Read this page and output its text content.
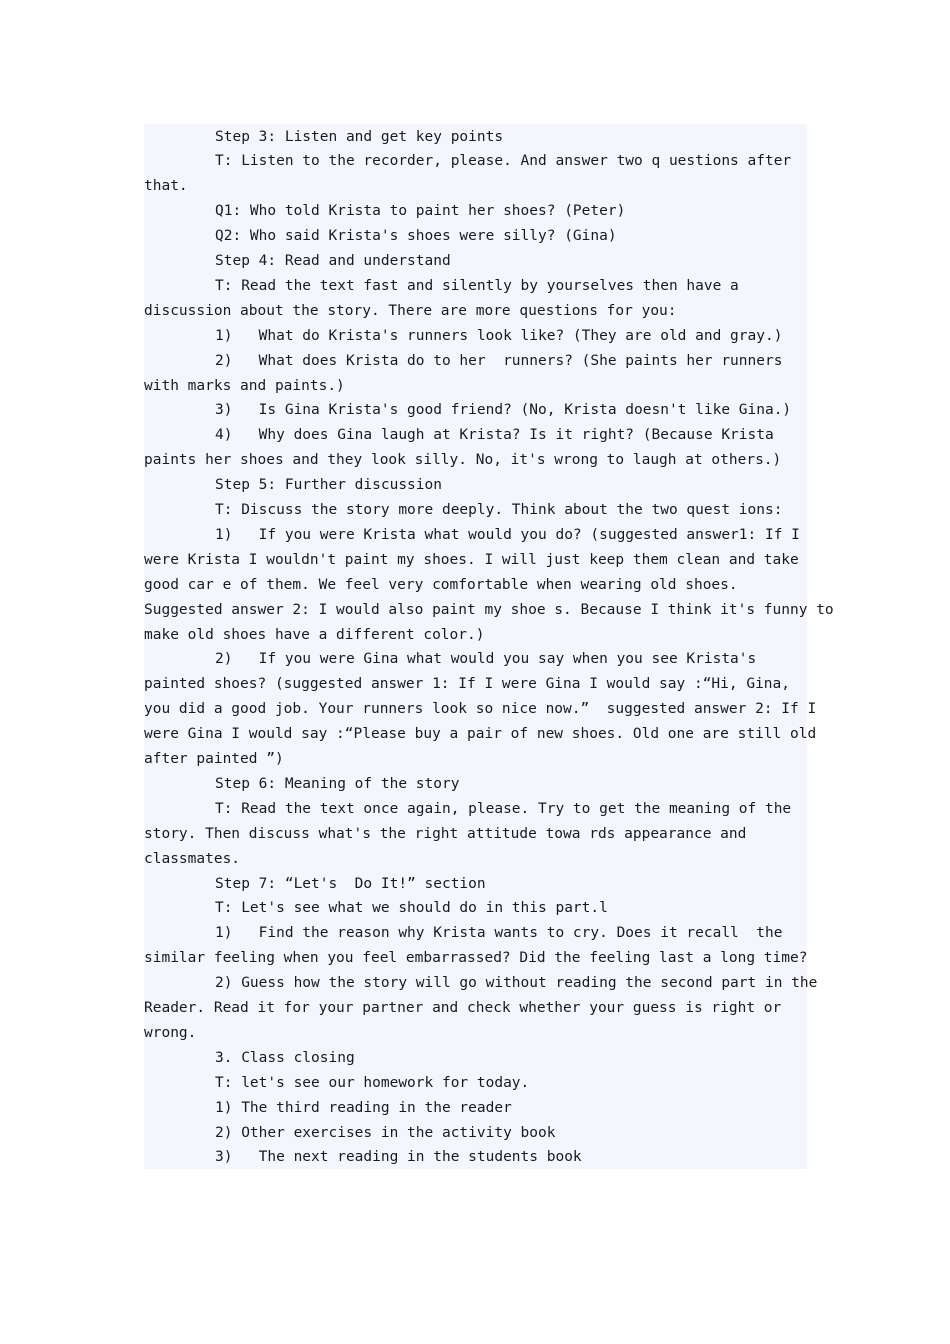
Step 3: Listen and get key points
T: Listen to the recorder, please. And answer two q uestions after
that.
Q1: Who told Krista to paint her shoes? (Peter)
Q2: Who said Krista's shoes were silly? (Gina)
Step 4: Read and understand
T: Read the text fast and silently by yourselves then have a
discussion about the story. There are more questions for you:
1)   What do Krista's runners look like? (They are old and gray.)
2)   What does Krista do to her  runners? (She paints her runners
with marks and paints.)
3)   Is Gina Krista's good friend? (No, Krista doesn't like Gina.)
4)   Why does Gina laugh at Krista? Is it right? (Because Krista
paints her shoes and they look silly. No, it's wrong to laugh at others.)
Step 5: Further discussion
T: Discuss the story more deeply. Think about the two quest ions:
1)   If you were Krista what would you do? (suggested answer1: If I
were Krista I wouldn't paint my shoes. I will just keep them clean and take
good car e of them. We feel very comfortable when wearing old shoes.
Suggested answer 2: I would also paint my shoe s. Because I think it's funny to
make old shoes have a different color.)
2)   If you were Gina what would you say when you see Krista's
painted shoes? (suggested answer 1: If I were Gina I would say :“Hi, Gina,
you did a good job. Your runners look so nice now.”  suggested answer 2: If I
were Gina I would say :“Please buy a pair of new shoes. Old one are still old
after painted ”)
Step 6: Meaning of the story
T: Read the text once again, please. Try to get the meaning of the
story. Then discuss what's the right attitude towa rds appearance and
classmates.
Step 7: “Let's  Do It!” section
T: Let's see what we should do in this part.l
1)   Find the reason why Krista wants to cry. Does it recall  the
similar feeling when you feel embarrassed? Did the feeling last a long time?
2) Guess how the story will go without reading the second part in the
Reader. Read it for your partner and check whether your guess is right or
wrong.
3. Class closing
T: let's see our homework for today.
1) The third reading in the reader
2) Other exercises in the activity book
3)   The next reading in the students book
